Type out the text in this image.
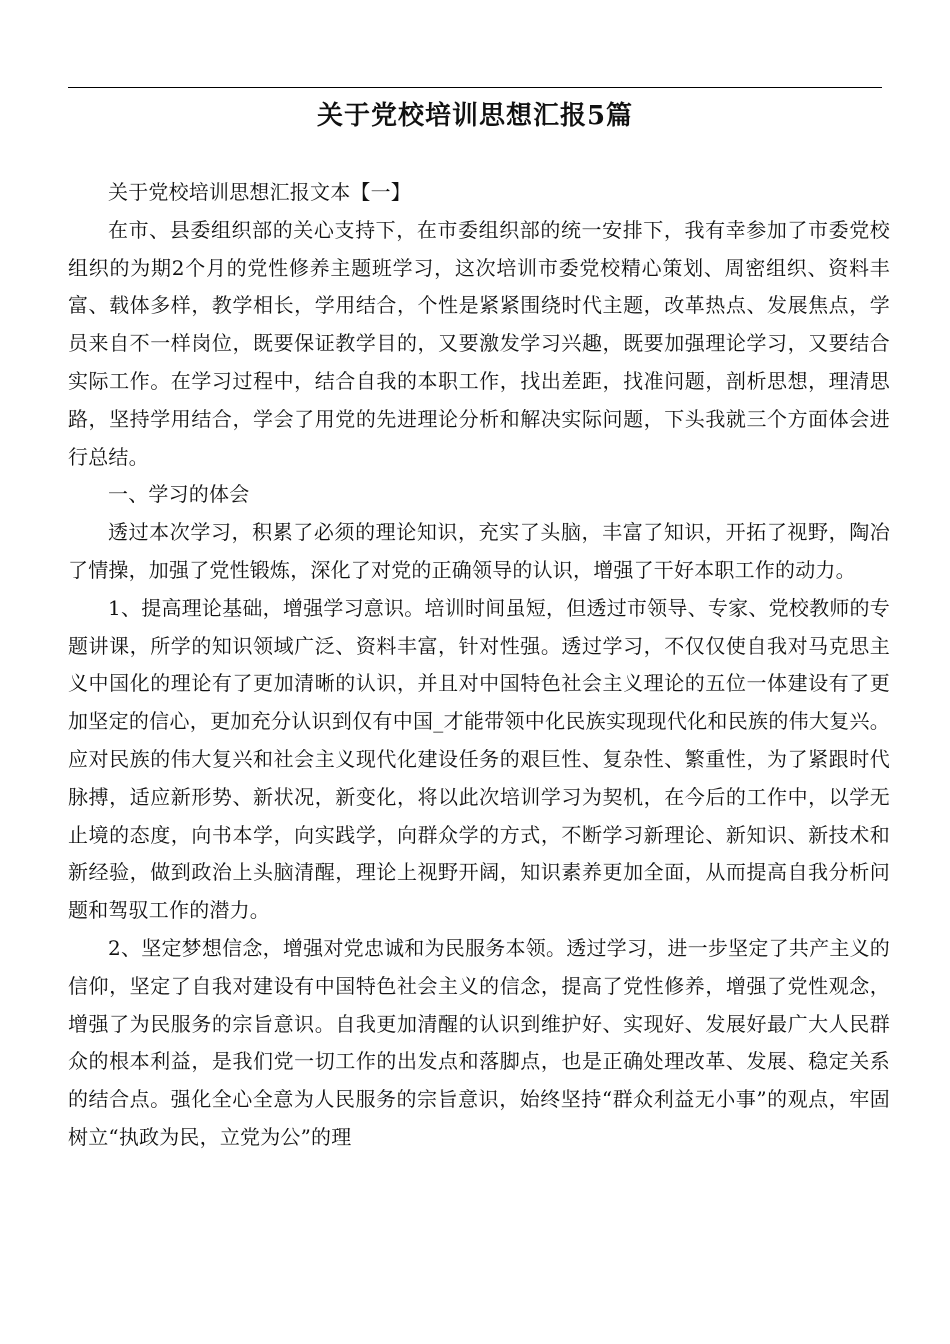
关于党校培训思想汇报5篇

关于党校培训思想汇报文本【一】

在市、县委组织部的关心支持下，在市委组织部的统一安排下，我有幸参加了市委党校组织的为期2个月的党性修养主题班学习，这次培训市委党校精心策划、周密组织、资料丰富、载体多样，教学相长，学用结合，个性是紧紧围绕时代主题，改革热点、发展焦点，学员来自不一样岗位，既要保证教学目的，又要激发学习兴趣，既要加强理论学习，又要结合实际工作。在学习过程中，结合自我的本职工作，找出差距，找准问题，剖析思想，理清思路，坚持学用结合，学会了用党的先进理论分析和解决实际问题，下头我就三个方面体会进行总结。

一、学习的体会

透过本次学习，积累了必须的理论知识，充实了头脑，丰富了知识，开拓了视野，陶冶了情操，加强了党性锻炼，深化了对党的正确领导的认识，增强了干好本职工作的动力。

1、提高理论基础，增强学习意识。培训时间虽短，但透过市领导、专家、党校教师的专题讲课，所学的知识领域广泛、资料丰富，针对性强。透过学习，不仅仅使自我对马克思主义中国化的理论有了更加清晰的认识，并且对中国特色社会主义理论的五位一体建设有了更加坚定的信心，更加充分认识到仅有中国_才能带领中化民族实现现代化和民族的伟大复兴。应对民族的伟大复兴和社会主义现代化建设任务的艰巨性、复杂性、繁重性，为了紧跟时代脉搏，适应新形势、新状况，新变化，将以此次培训学习为契机，在今后的工作中，以学无止境的态度，向书本学，向实践学，向群众学的方式，不断学习新理论、新知识、新技术和新经验，做到政治上头脑清醒，理论上视野开阔，知识素养更加全面，从而提高自我分析问题和驾驭工作的潜力。

2、坚定梦想信念，增强对党忠诚和为民服务本领。透过学习，进一步坚定了共产主义的信仰，坚定了自我对建设有中国特色社会主义的信念，提高了党性修养，增强了党性观念，增强了为民服务的宗旨意识。自我更加清醒的认识到维护好、实现好、发展好最广大人民群众的根本利益，是我们党一切工作的出发点和落脚点，也是正确处理改革、发展、稳定关系的结合点。强化全心全意为人民服务的宗旨意识，始终坚持“群众利益无小事”的观点，牢固树立“执政为民，立党为公”的理
